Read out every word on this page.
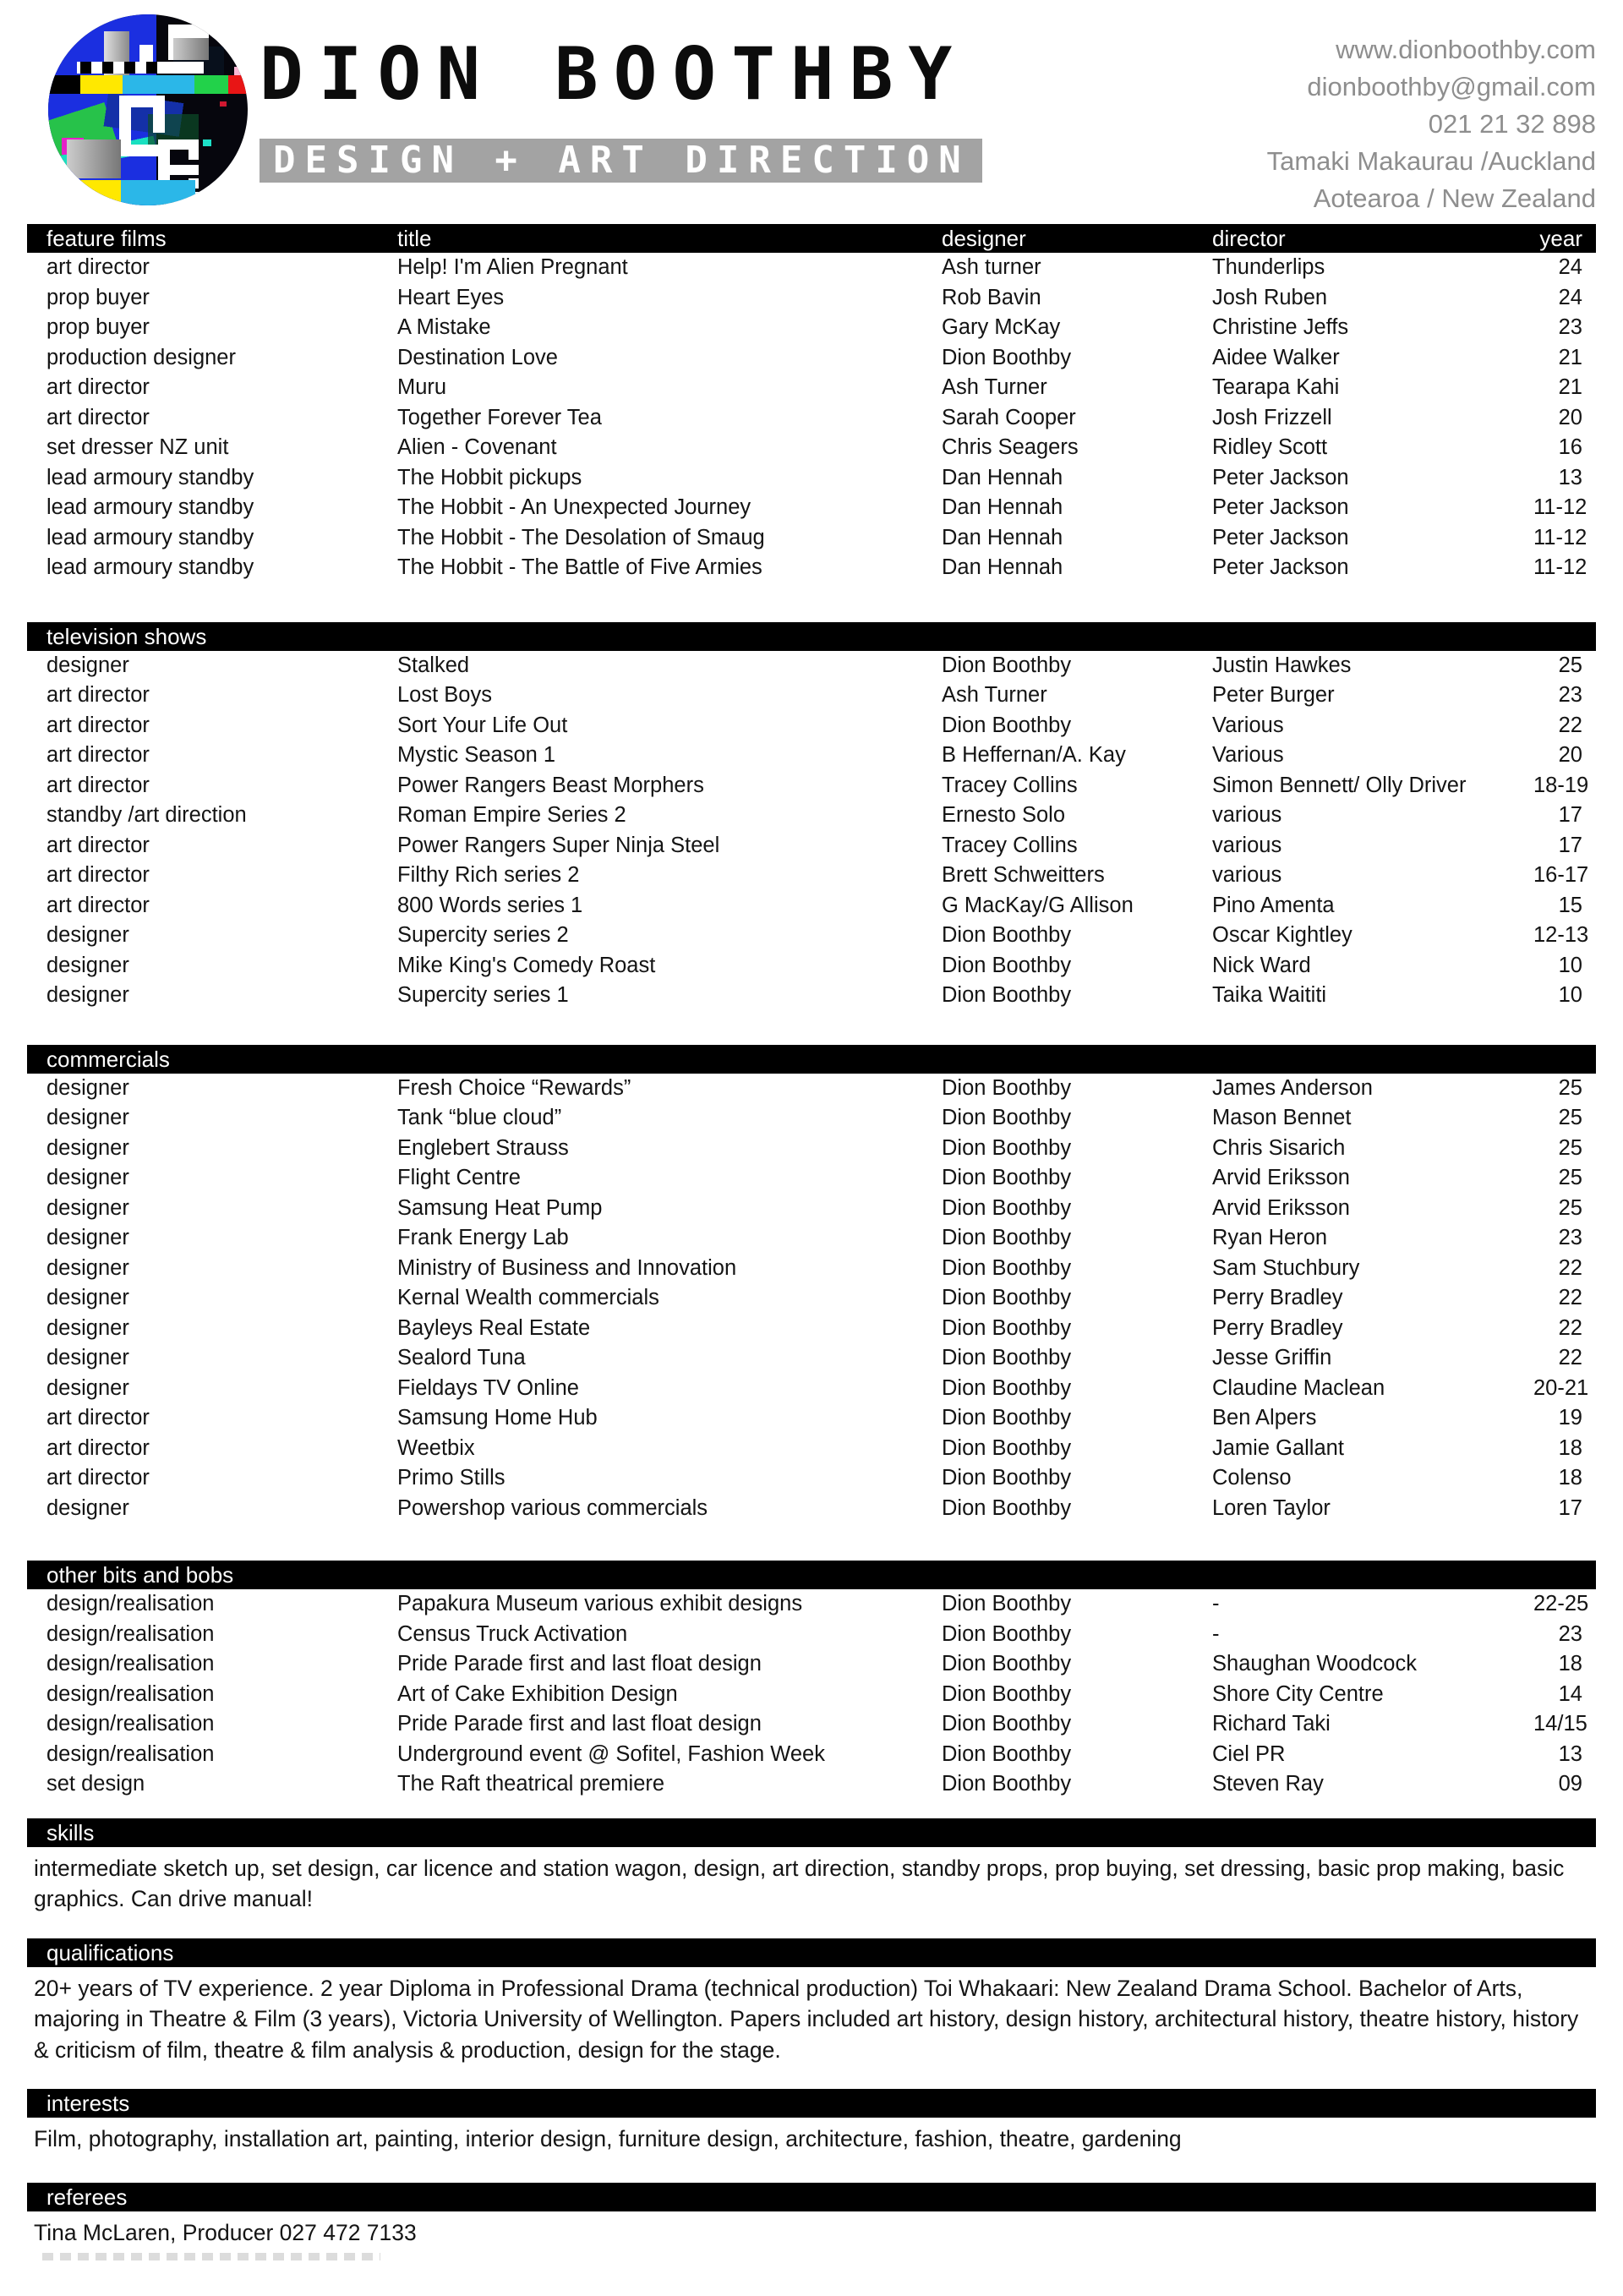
DION BOOTHBY

DESIGN + ART DIRECTION
www.dionboothby.com
dionboothby@gmail.com
021 21 32 898
Tamaki Makaurau /Auckland
Aotearoa / New Zealand
feature films	title	designer	director	year
art director	Help! I'm Alien Pregnant	Ash turner	Thunderlips	24
prop buyer	Heart Eyes	Rob Bavin	Josh Ruben	24
prop buyer	A Mistake	Gary McKay	Christine Jeffs	23
production designer	Destination Love	Dion Boothby	Aidee Walker	21
art director	Muru	Ash Turner	Tearapa Kahi	21
art director	Together Forever Tea	Sarah Cooper	Josh Frizzell	20
set dresser NZ unit	Alien - Covenant	Chris Seagers	Ridley Scott	16
lead armoury standby	The Hobbit pickups	Dan Hennah	Peter Jackson	13
lead armoury standby	The Hobbit - An Unexpected Journey	Dan Hennah	Peter Jackson	11-12
lead armoury standby	The Hobbit - The Desolation of Smaug	Dan Hennah	Peter Jackson	11-12
lead armoury standby	The Hobbit - The Battle of Five Armies	Dan Hennah	Peter Jackson	11-12
television shows
designer	Stalked	Dion Boothby	Justin Hawkes	25
art director	Lost Boys	Ash Turner	Peter Burger	23
art director	Sort Your Life Out	Dion Boothby	Various	22
art director	Mystic Season 1	B Heffernan/A. Kay	Various	20
art director	Power Rangers Beast Morphers	Tracey Collins	Simon Bennett/ Olly Driver	18-19
standby /art direction	Roman Empire Series 2	Ernesto Solo	various	17
art director	Power Rangers Super Ninja Steel	Tracey Collins	various	17
art director	Filthy Rich series 2	Brett Schweitters	various	16-17
art director	800 Words series 1	G MacKay/G Allison	Pino Amenta	15
designer	Supercity series 2	Dion Boothby	Oscar Kightley	12-13
designer	Mike King's Comedy Roast	Dion Boothby	Nick Ward	10
designer	Supercity series 1	Dion Boothby	Taika Waititi	10
commercials
designer	Fresh Choice “Rewards”	Dion Boothby	James Anderson	25
designer	Tank “blue cloud”	Dion Boothby	Mason Bennet	25
designer	Englebert Strauss	Dion Boothby	Chris Sisarich	25
designer	Flight Centre	Dion Boothby	Arvid Eriksson	25
designer	Samsung Heat Pump	Dion Boothby	Arvid Eriksson	25
designer	Frank Energy Lab	Dion Boothby	Ryan Heron	23
designer	Ministry of Business and Innovation	Dion Boothby	Sam Stuchbury	22
designer	Kernal Wealth commercials	Dion Boothby	Perry Bradley	22
designer	Bayleys Real Estate	Dion Boothby	Perry Bradley	22
designer	Sealord Tuna	Dion Boothby	Jesse Griffin	22
designer	Fieldays TV Online	Dion Boothby	Claudine Maclean	20-21
art director	Samsung Home Hub	Dion Boothby	Ben Alpers	19
art director	Weetbix	Dion Boothby	Jamie Gallant	18
art director	Primo Stills	Dion Boothby	Colenso	18
designer	Powershop various commercials	Dion Boothby	Loren Taylor	17
other bits and bobs
design/realisation	Papakura Museum various exhibit designs	Dion Boothby	-	22-25
design/realisation	Census Truck Activation	Dion Boothby	-	23
design/realisation	Pride Parade first and last float design	Dion Boothby	Shaughan Woodcock	18
design/realisation	Art of Cake Exhibition Design	Dion Boothby	Shore City Centre	14
design/realisation	Pride Parade first and last float design	Dion Boothby	Richard Taki	14/15
design/realisation	Underground event @ Sofitel, Fashion Week	Dion Boothby	Ciel PR	13
set design	The Raft theatrical premiere	Dion Boothby	Steven Ray	09
skills

intermediate sketch up, set design, car licence and station wagon, design, art direction, standby props, prop buying, set dressing, basic prop making, basic graphics. Can drive manual!

qualifications

20+ years of TV experience. 2 year Diploma in Professional Drama (technical production) Toi Whakaari: New Zealand Drama School. Bachelor of Arts, majoring in Theatre & Film (3 years), Victoria University of Wellington. Papers included art history, design history, architectural history, theatre history, history & criticism of film, theatre & film analysis & production, design for the stage.

interests

Film, photography, installation art, painting, interior design, furniture design, architecture, fashion, theatre, gardening

referees

Tina McLaren, Producer 027 472 7133
